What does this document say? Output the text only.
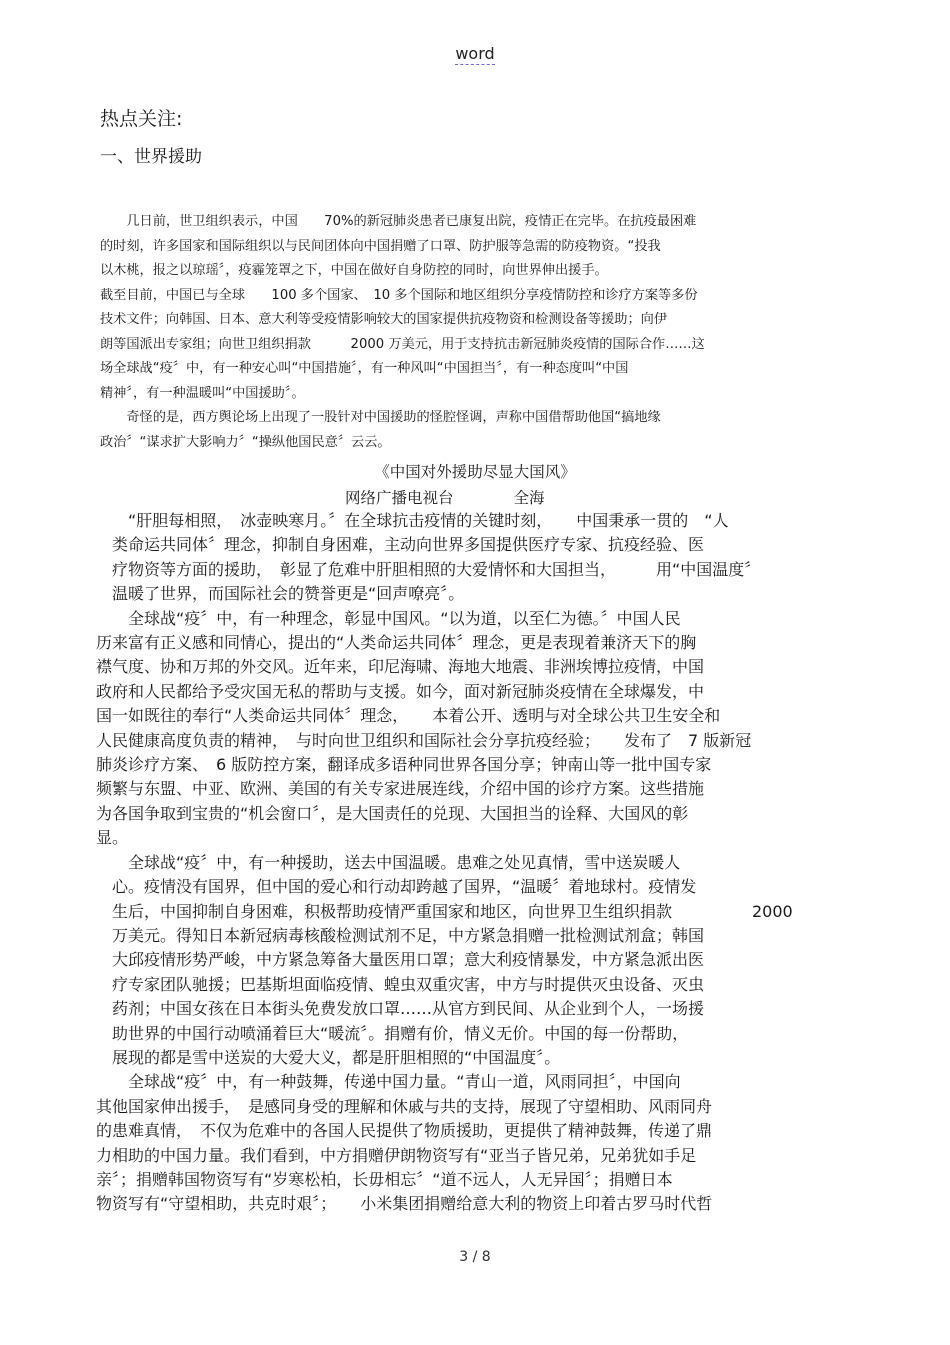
word
热点关注:
一、世界援助

　　几日前，世卫组织表示，中国　　70%的新冠肺炎患者已康复出院，疫情正在完毕。在抗疫最困难

的时刻，许多国家和国际组织以与民间团体向中国捐赠了口罩、防护服等急需的防疫物资。“投我

以木桃，报之以琼瑶〞，疫霾笼罩之下，中国在做好自身防控的同时，向世界伸出援手。

截至目前，中国已与全球　　100 多个国家、　10 多个国际和地区组织分享疫情防控和诊疗方案等多份

技术文件；向韩国、日本、意大利等受疫情影响较大的国家提供抗疫物资和检测设备等援助；向伊

朗等国派出专家组；向世卫组织捐款　　　2000 万美元，用于支持抗击新冠肺炎疫情的国际合作……这

场全球战“疫〞中，有一种安心叫“中国措施〞，有一种风叫“中国担当〞，有一种态度叫“中国

精神〞，有一种温暖叫“中国援助〞。

　　奇怪的是，西方舆论场上出现了一股针对中国援助的怪腔怪调，声称中国借帮助他国“搞地缘

政治〞“谋求扩大影响力〞“操纵他国民意〞云云。

《中国对外援助尽显大国风》
网络广播电视台	全海

　　“肝胆每相照，　冰壶映寒月。〞在全球抗击疫情的关键时刻，　　中国秉承一贯的　“人

　类命运共同体〞理念，抑制自身困难，主动向世界多国提供医疗专家、抗疫经验、医

　疗物资等方面的援助，　彰显了危难中肝胆相照的大爱情怀和大国担当，　　　用“中国温度〞

　温暖了世界，而国际社会的赞誉更是“回声嘹亮〞。

　　全球战“疫〞中，有一种理念，彰显中国风。“以为道，以至仁为德。〞中国人民

历来富有正义感和同情心，提出的“人类命运共同体〞理念，更是表现着兼济天下的胸

襟气度、协和万邦的外交风。近年来，印尼海啸、海地大地震、非洲埃博拉疫情，中国

政府和人民都给予受灾国无私的帮助与支援。如今，面对新冠肺炎疫情在全球爆发，中

国一如既往的奉行“人类命运共同体〞理念，　　本着公开、透明与对全球公共卫生安全和

人民健康高度负责的精神，　与时向世卫组织和国际社会分享抗疫经验；　　发布了　7 版新冠

肺炎诊疗方案、　6 版防控方案，翻译成多语种同世界各国分享；钟南山等一批中国专家

频繁与东盟、中亚、欧洲、美国的有关专家进展连线，介绍中国的诊疗方案。这些措施

为各国争取到宝贵的“机会窗口〞，是大国责任的兑现、大国担当的诠释、大国风的彰

显。

　　全球战“疫〞中，有一种援助，送去中国温暖。患难之处见真情，雪中送炭暖人

　心。疫情没有国界，但中国的爱心和行动却跨越了国界，“温暖〞着地球村。疫情发

　生后，中国抑制自身困难，积极帮助疫情严重国家和地区，向世界卫生组织捐款　　　　　2000

　万美元。得知日本新冠病毒核酸检测试剂不足，中方紧急捐赠一批检测试剂盒；韩国

　大邱疫情形势严峻，中方紧急筹备大量医用口罩；意大利疫情暴发，中方紧急派出医

　疗专家团队驰援；巴基斯坦面临疫情、蝗虫双重灾害，中方与时提供灭虫设备、灭虫

　药剂；中国女孩在日本街头免费发放口罩……从官方到民间、从企业到个人，一场援

　助世界的中国行动喷涌着巨大“暖流〞。捐赠有价，情义无价。中国的每一份帮助，

　展现的都是雪中送炭的大爱大义，都是肝胆相照的“中国温度〞。

　　全球战“疫〞中，有一种鼓舞，传递中国力量。“青山一道，风雨同担〞，中国向

其他国家伸出援手，　是感同身受的理解和休戚与共的支持，展现了守望相助、风雨同舟

的患难真情，　不仅为危难中的各国人民提供了物质援助，更提供了精神鼓舞，传递了鼎

力相助的中国力量。我们看到，中方捐赠伊朗物资写有“亚当子皆兄弟，兄弟犹如手足

亲〞；捐赠韩国物资写有“岁寒松柏，长毋相忘〞“道不远人，人无异国〞；捐赠日本

物资写有“守望相助，共克时艰〞；　　小米集团捐赠给意大利的物资上印着古罗马时代哲

3 / 8
